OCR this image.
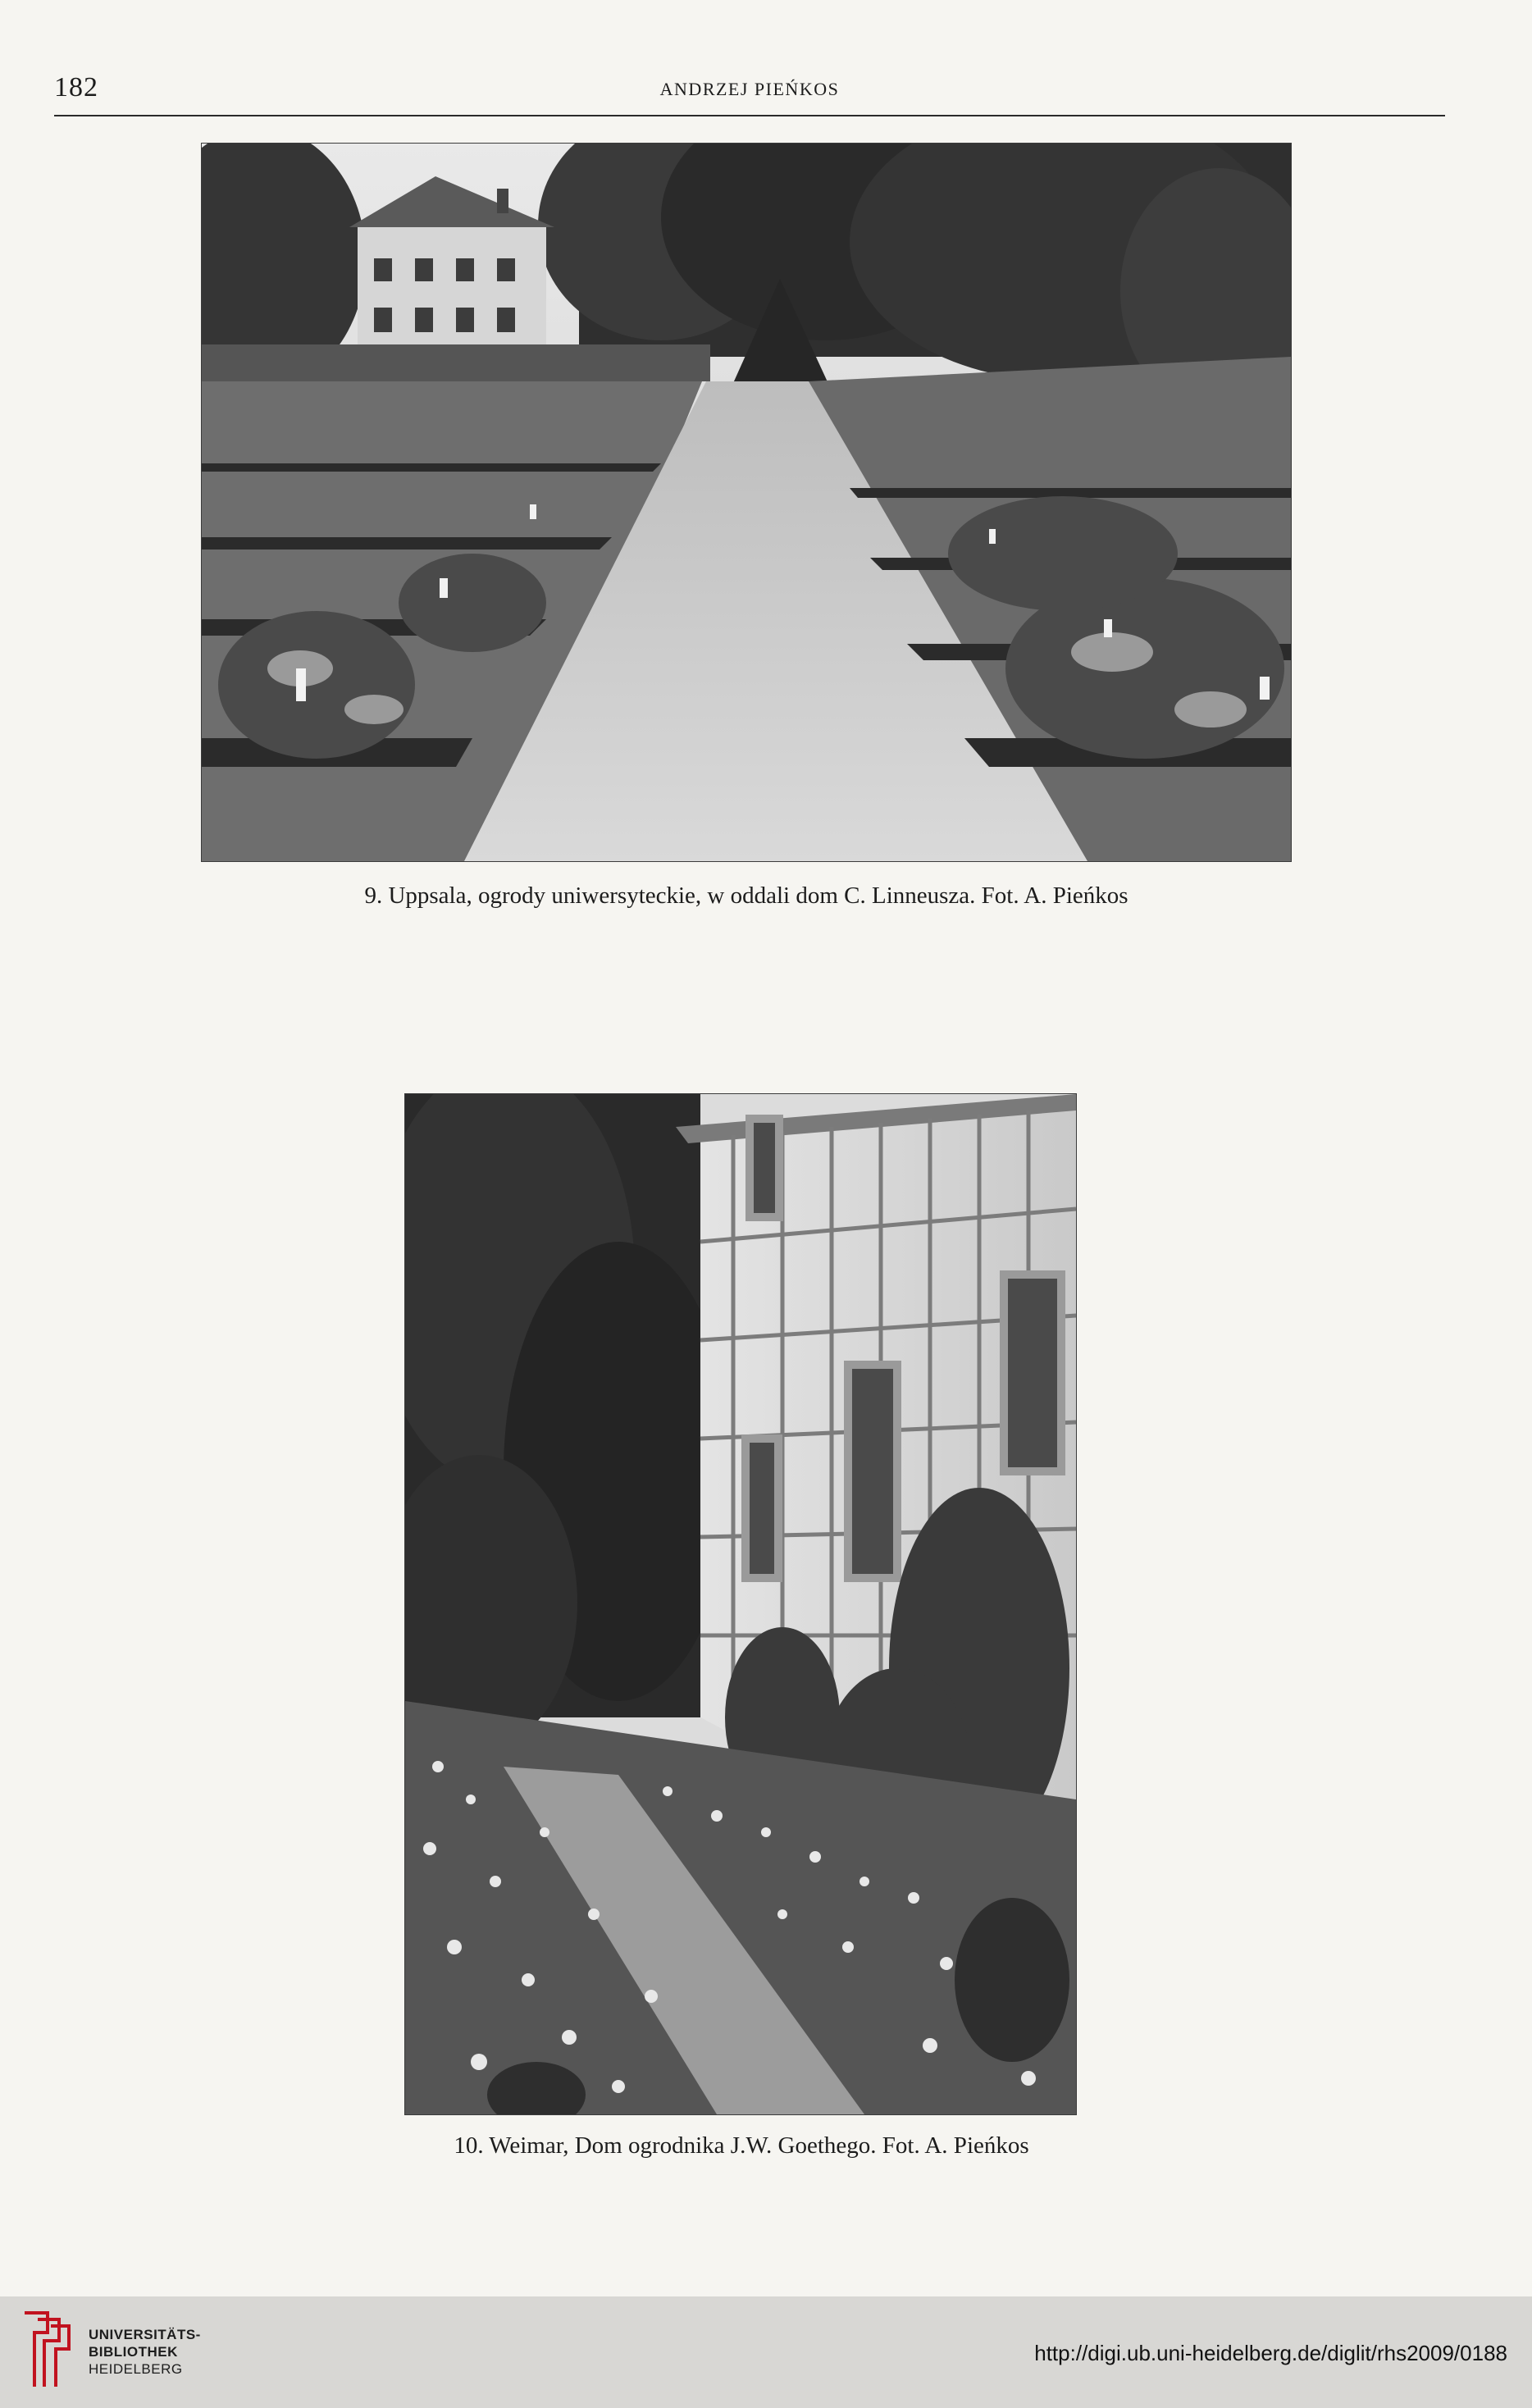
182	ANDRZEJ PIEŃKOS
9. Uppsala, ogrody uniwersyteckie, w oddali dom C. Linneusza. Fot. A. Pieńkos
10. Weimar, Dom ogrodnika J.W. Goethego. Fot. A. Pieńkos
UNIVERSITÄTS-
BIBLIOTHEK
HEIDELBERG
http://digi.ub.uni-heidelberg.de/diglit/rhs2009/0188
